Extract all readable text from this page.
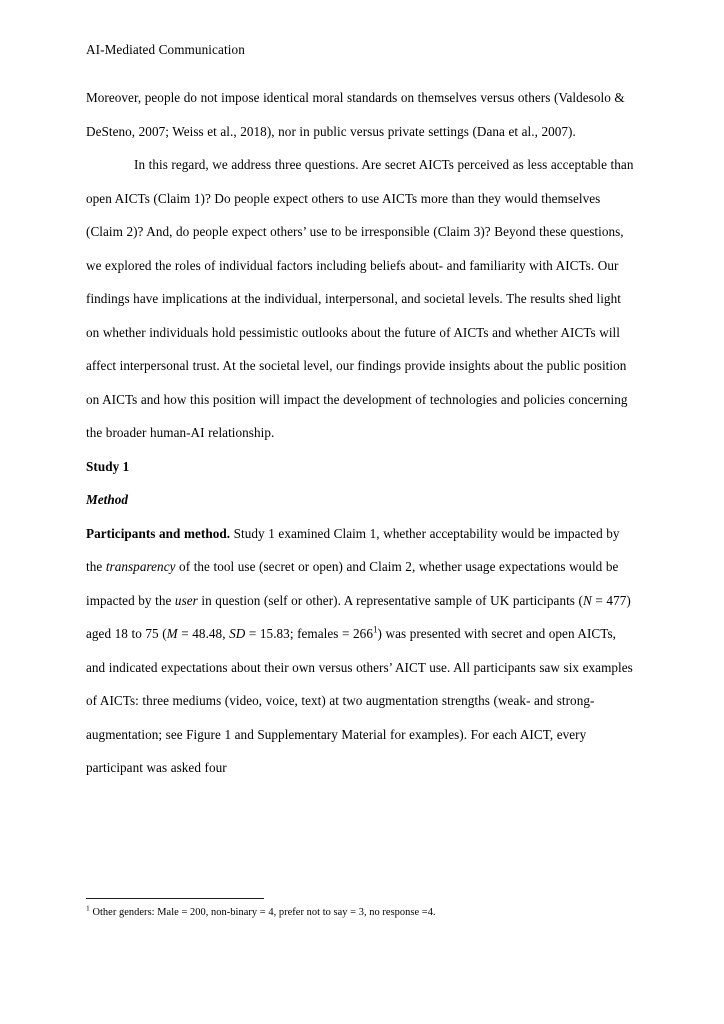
AI-Mediated Communication

Moreover, people do not impose identical moral standards on themselves versus others (Valdesolo & DeSteno, 2007; Weiss et al., 2018), nor in public versus private settings (Dana et al., 2007).

In this regard, we address three questions. Are secret AICTs perceived as less acceptable than open AICTs (Claim 1)? Do people expect others to use AICTs more than they would themselves (Claim 2)? And, do people expect others’ use to be irresponsible (Claim 3)? Beyond these questions, we explored the roles of individual factors including beliefs about- and familiarity with AICTs. Our findings have implications at the individual, interpersonal, and societal levels. The results shed light on whether individuals hold pessimistic outlooks about the future of AICTs and whether AICTs will affect interpersonal trust. At the societal level, our findings provide insights about the public position on AICTs and how this position will impact the development of technologies and policies concerning the broader human-AI relationship.

Study 1
Method

Participants and method. Study 1 examined Claim 1, whether acceptability would be impacted by the transparency of the tool use (secret or open) and Claim 2, whether usage expectations would be impacted by the user in question (self or other). A representative sample of UK participants (N = 477) aged 18 to 75 (M = 48.48, SD = 15.83; females = $266^1$) was presented with secret and open AICTs, and indicated expectations about their own versus others’ AICT use. All participants saw six examples of AICTs: three mediums (video, voice, text) at two augmentation strengths (weak- and strong-augmentation; see Figure 1 and Supplementary Material for examples). For each AICT, every participant was asked four

$^1$ Other genders: Male = 200, non-binary = 4, prefer not to say = 3, no response =4.
